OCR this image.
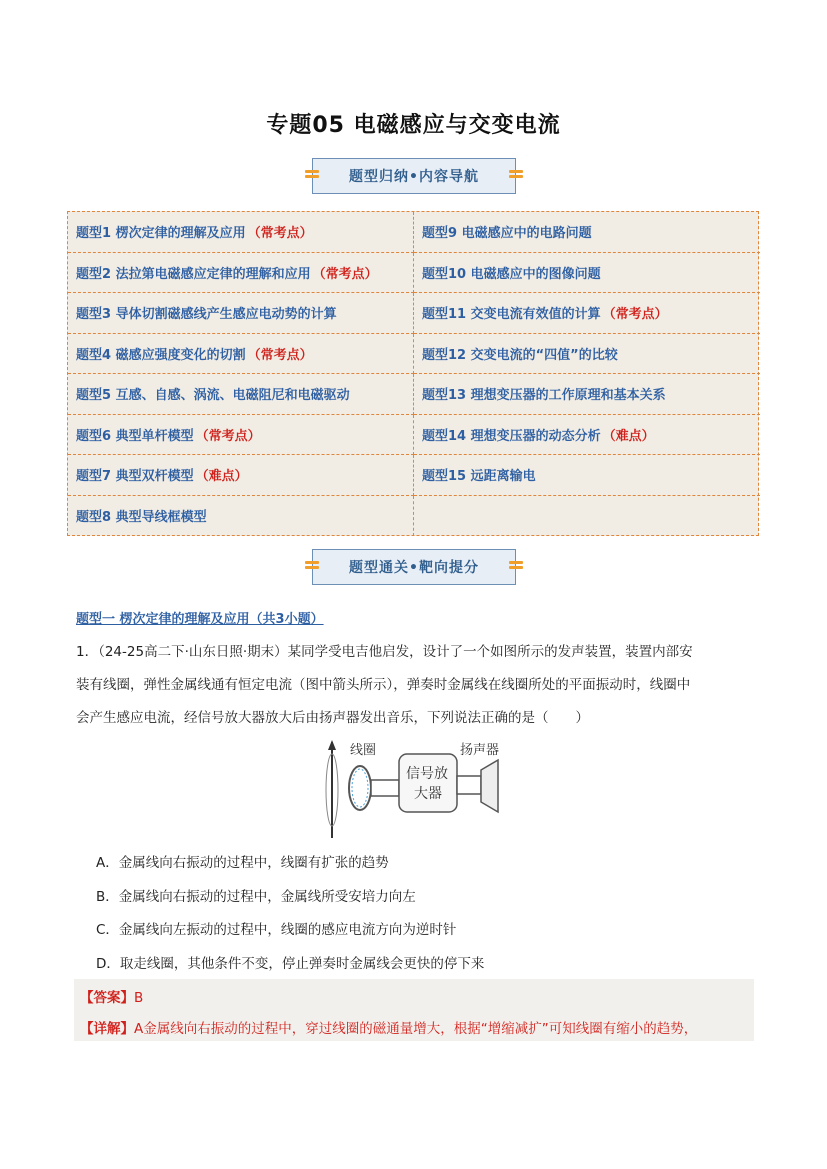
专题05 电磁感应与交变电流
题型归纳•内容导航
题型1 楞次定律的理解及应用 （常考点）	题型9 电磁感应中的电路问题
题型2 法拉第电磁感应定律的理解和应用 （常考点）	题型10 电磁感应中的图像问题
题型3 导体切割磁感线产生感应电动势的计算	题型11 交变电流有效值的计算 （常考点）
题型4 磁感应强度变化的切割 （常考点）	题型12 交变电流的“四值”的比较
题型5 互感、自感、涡流、电磁阻尼和电磁驱动	题型13 理想变压器的工作原理和基本关系
题型6 典型单杆模型 （常考点）	题型14 理想变压器的动态分析 （难点）
题型7 典型双杆模型 （难点）	题型15 远距离输电
题型8 典型导线框模型
题型通关•靶向提分
题型一 楞次定律的理解及应用（共3小题）
1．（24-25高二下·山东日照·期末）某同学受电吉他启发，设计了一个如图所示的发声装置，装置内部安
装有线圈，弹性金属线通有恒定电流（图中箭头所示），弹奏时金属线在线圈所处的平面振动时，线圈中
会产生感应电流，经信号放大器放大后由扬声器发出音乐，下列说法正确的是（　　）
线圈
信号放
大器
扬声器
A．金属线向右振动的过程中，线圈有扩张的趋势
B．金属线向右振动的过程中，金属线所受安培力向左
C．金属线向左振动的过程中，线圈的感应电流方向为逆时针
D．取走线圈，其他条件不变，停止弹奏时金属线会更快的停下来
【答案】B
【详解】A金属线向右振动的过程中，穿过线圈的磁通量增大，根据“增缩减扩”可知线圈有缩小的趋势，
